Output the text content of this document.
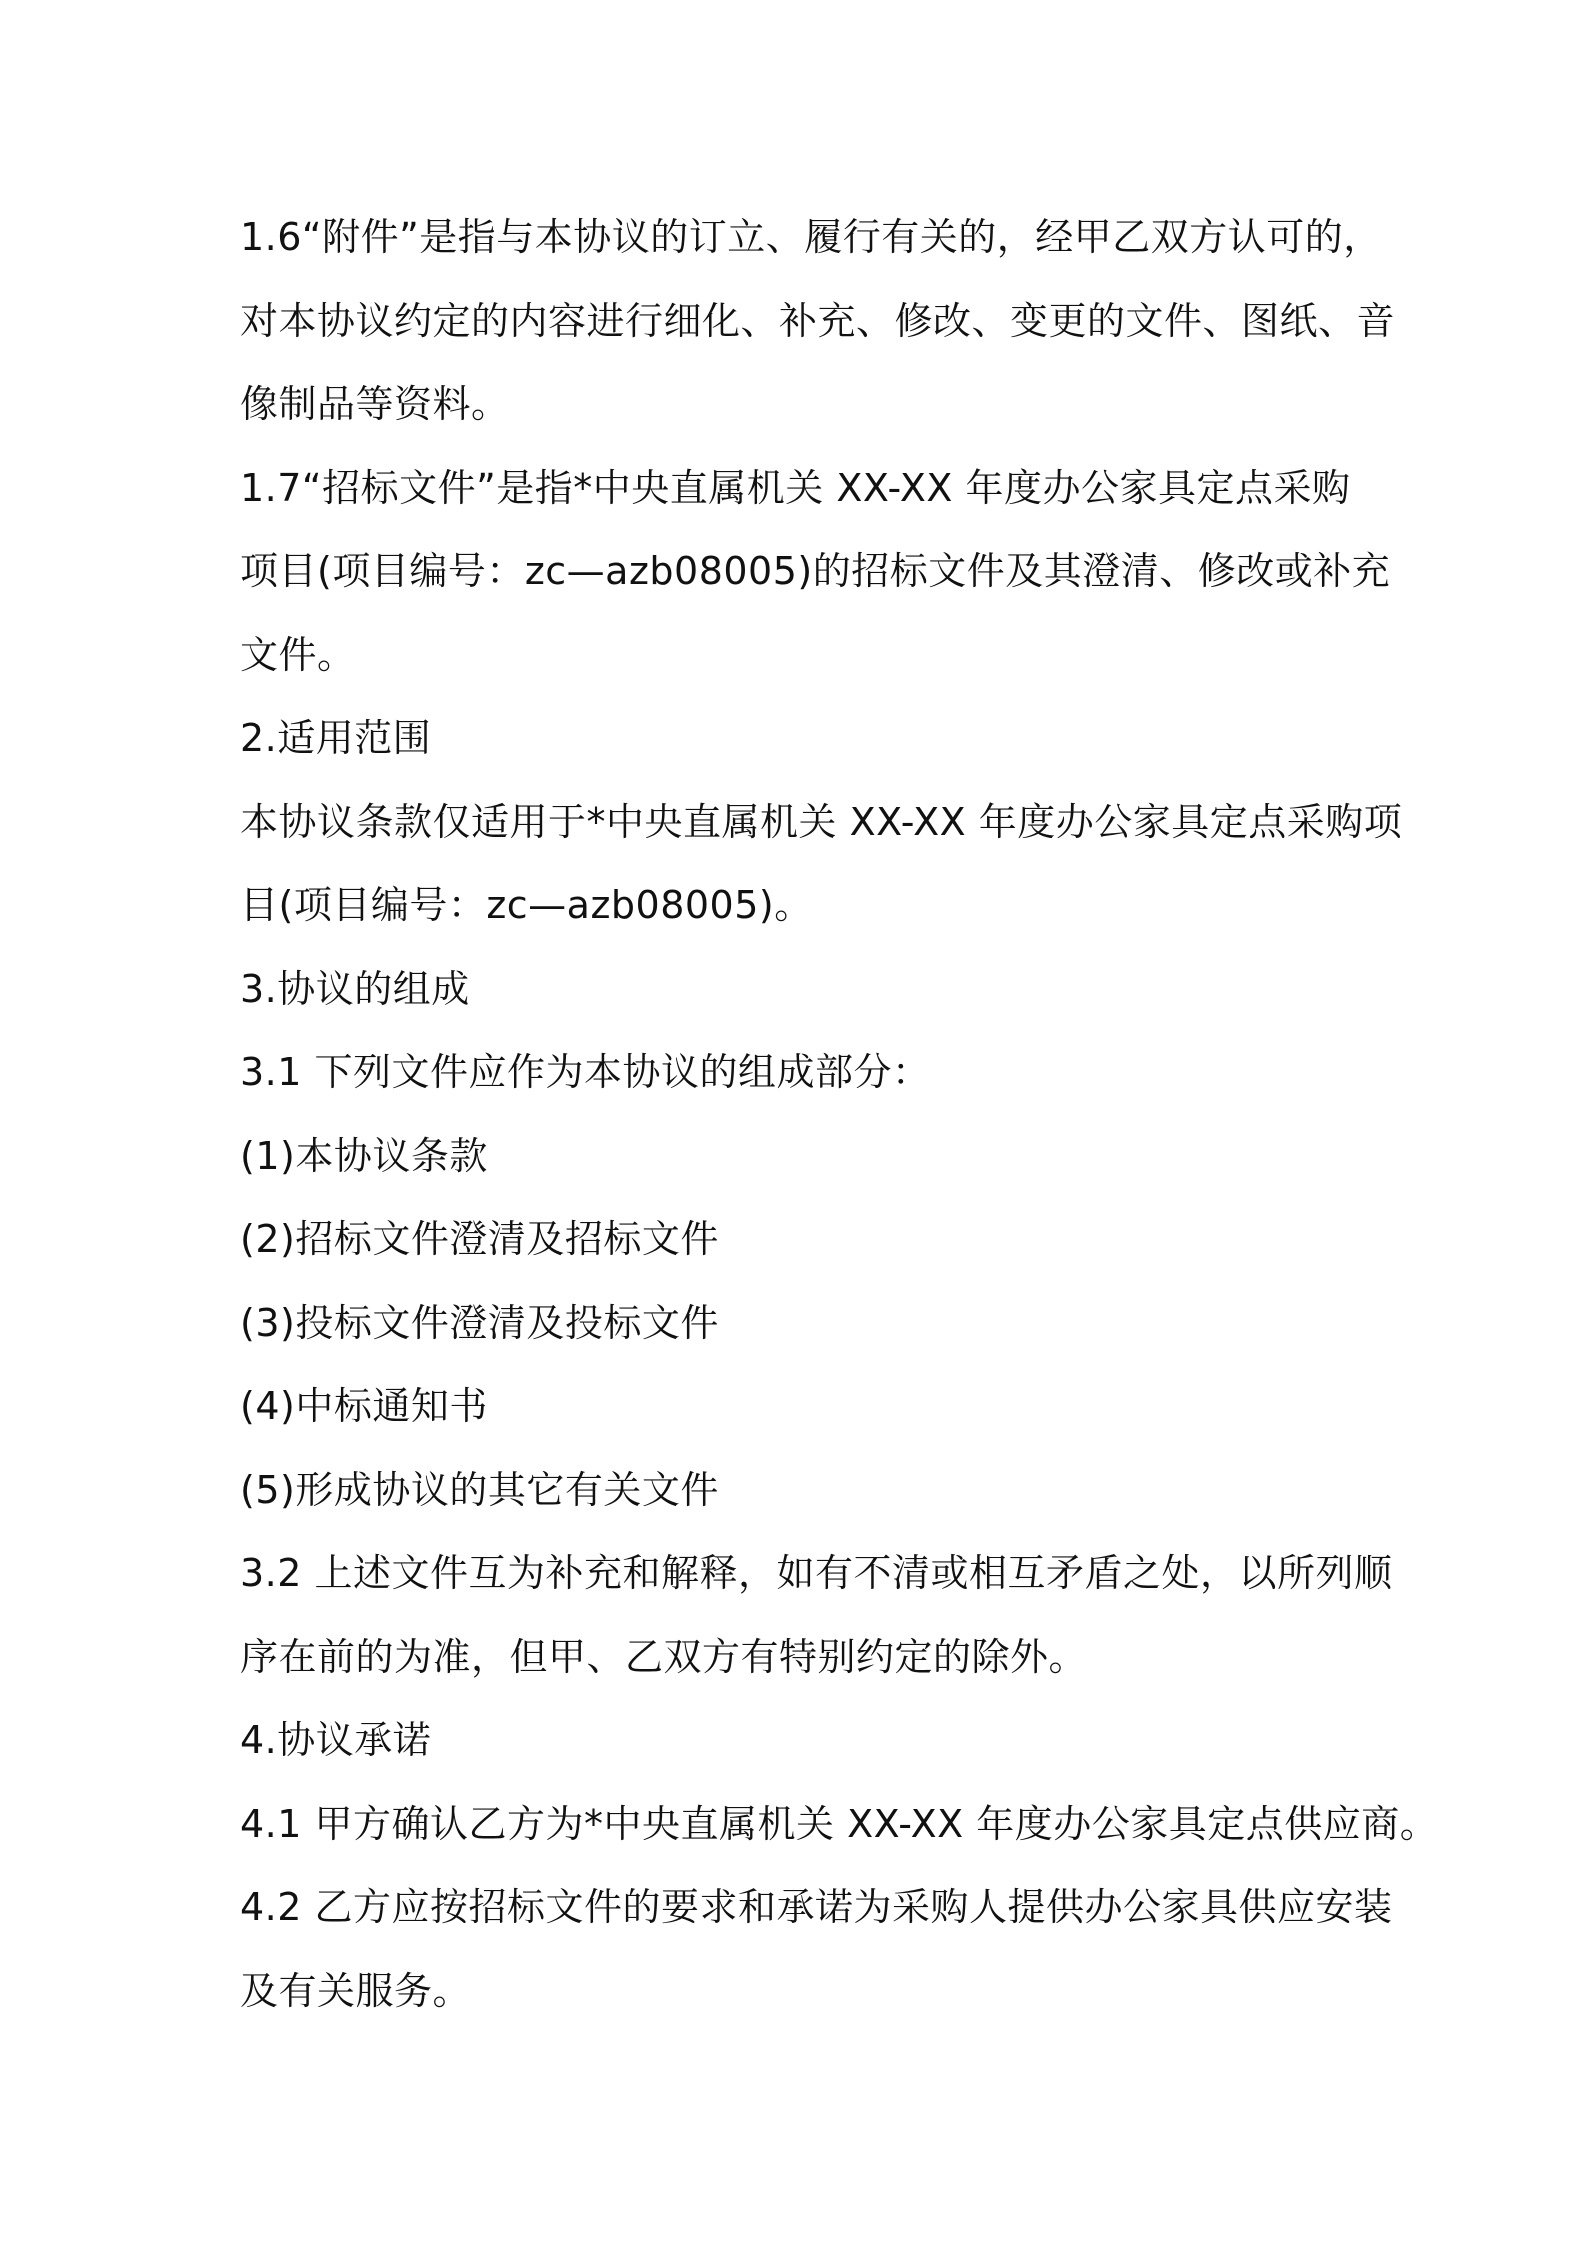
1.6“附件”是指与本协议的订立、履行有关的，经甲乙双方认可的，
对本协议约定的内容进行细化、补充、修改、变更的文件、图纸、音
像制品等资料。
1.7“招标文件”是指*中央直属机关 XX-XX 年度办公家具定点采购
项目(项目编号：zc—azb08005)的招标文件及其澄清、修改或补充
文件。
2.适用范围
本协议条款仅适用于*中央直属机关 XX-XX 年度办公家具定点采购项
目(项目编号：zc—azb08005)。
3.协议的组成
3.1 下列文件应作为本协议的组成部分：
(1)本协议条款
(2)招标文件澄清及招标文件
(3)投标文件澄清及投标文件
(4)中标通知书
(5)形成协议的其它有关文件
3.2 上述文件互为补充和解释，如有不清或相互矛盾之处，以所列顺
序在前的为准，但甲、乙双方有特别约定的除外。
4.协议承诺
4.1 甲方确认乙方为*中央直属机关 XX-XX 年度办公家具定点供应商。
4.2 乙方应按招标文件的要求和承诺为采购人提供办公家具供应安装
及有关服务。
